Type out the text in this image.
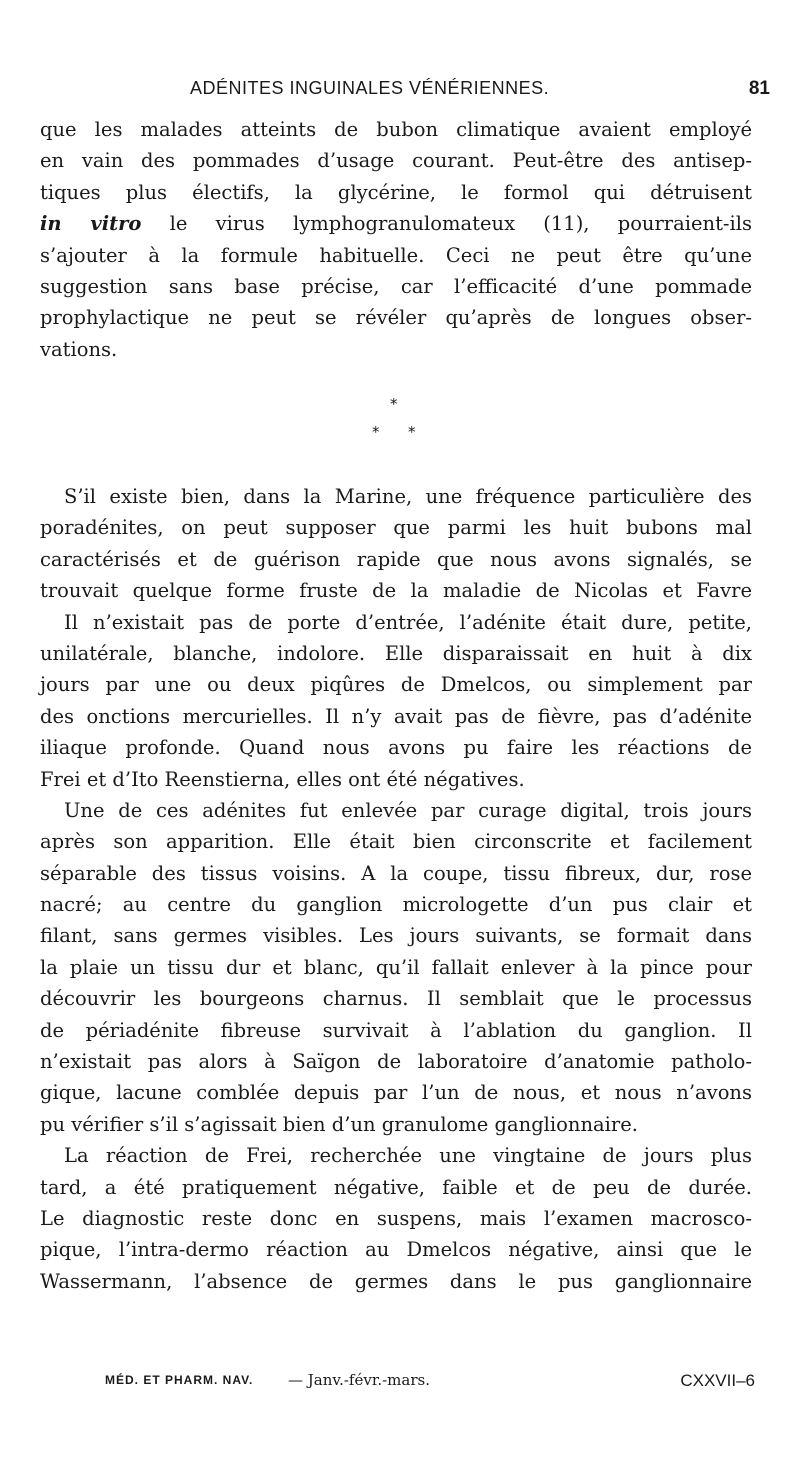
ADÉNITES INGUINALES VÉNÉRIENNES.	81
que les malades atteints de bubon climatique avaient employé
en vain des pommades d’usage courant. Peut-être des antisep-
tiques plus électifs, la glycérine, le formol qui détruisent
in vitro le virus lymphogranulomateux (11), pourraient-ils
s’ajouter à la formule habituelle. Ceci ne peut être qu’une
suggestion sans base précise, car l’efficacité d’une pommade
prophylactique ne peut se révéler qu’après de longues obser-
vations.
*
* *
S’il existe bien, dans la Marine, une fréquence particulière des
poradénites, on peut supposer que parmi les huit bubons mal
caractérisés et de guérison rapide que nous avons signalés, se
trouvait quelque forme fruste de la maladie de Nicolas et Favre
Il n’existait pas de porte d’entrée, l’adénite était dure, petite,
unilatérale, blanche, indolore. Elle disparaissait en huit à dix
jours par une ou deux piqûres de Dmelcos, ou simplement par
des onctions mercurielles. Il n’y avait pas de fièvre, pas d’adénite
iliaque profonde. Quand nous avons pu faire les réactions de
Frei et d’Ito Reenstierna, elles ont été négatives.
Une de ces adénites fut enlevée par curage digital, trois jours
après son apparition. Elle était bien circonscrite et facilement
séparable des tissus voisins. A la coupe, tissu fibreux, dur, rose
nacré; au centre du ganglion micrologette d’un pus clair et
filant, sans germes visibles. Les jours suivants, se formait dans
la plaie un tissu dur et blanc, qu’il fallait enlever à la pince pour
découvrir les bourgeons charnus. Il semblait que le processus
de périadénite fibreuse survivait à l’ablation du ganglion. Il
n’existait pas alors à Saïgon de laboratoire d’anatomie patholo-
gique, lacune comblée depuis par l’un de nous, et nous n’avons
pu vérifier s’il s’agissait bien d’un granulome ganglionnaire.
La réaction de Frei, recherchée une vingtaine de jours plus
tard, a été pratiquement négative, faible et de peu de durée.
Le diagnostic reste donc en suspens, mais l’examen macrosco-
pique, l’intra-dermo réaction au Dmelcos négative, ainsi que le
Wassermann, l’absence de germes dans le pus ganglionnaire
MÉD. ET PHARM. NAV. — Janv.-févr.-mars.	CXXVII–6
